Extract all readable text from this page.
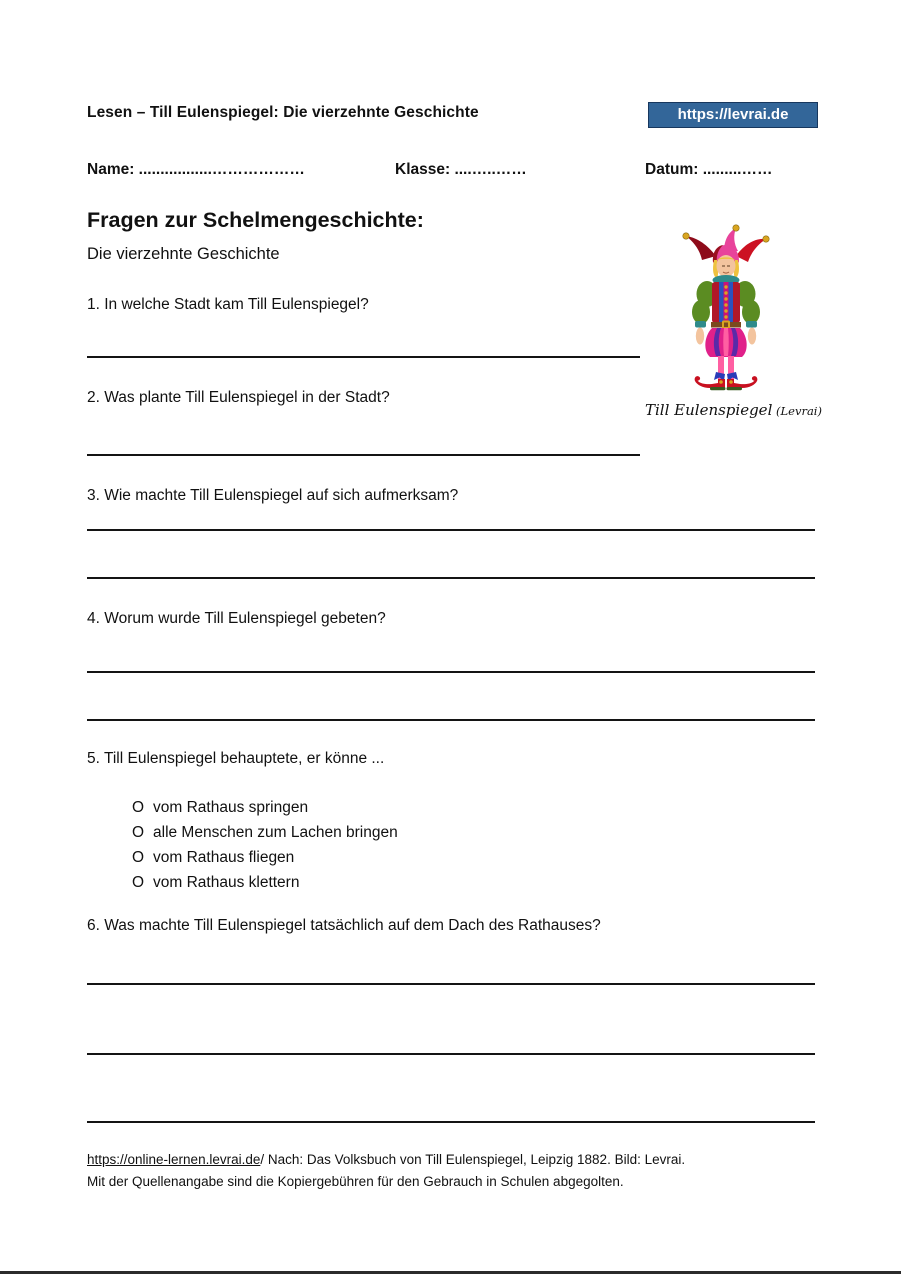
Lesen – Till Eulenspiegel: Die vierzehnte Geschichte	https://levrai.de
Name: .................………………	Klasse: ....…..……	Datum: .........……
Fragen zur Schelmengeschichte:
Die vierzehnte Geschichte
1. In welche Stadt kam Till Eulenspiegel?
2. Was plante Till Eulenspiegel in der Stadt?
3. Wie machte Till Eulenspiegel auf sich aufmerksam?
4. Worum wurde Till Eulenspiegel gebeten?
5. Till Eulenspiegel behauptete, er könne ...
O vom Rathaus springen
O alle Menschen zum Lachen bringen
O vom Rathaus fliegen
O vom Rathaus klettern
6. Was machte Till Eulenspiegel tatsächlich auf dem Dach des Rathauses?
Till Eulenspiegel (Levrai)
https://online-lernen.levrai.de/ Nach: Das Volksbuch von Till Eulenspiegel, Leipzig 1882. Bild: Levrai.
Mit der Quellenangabe sind die Kopiergebühren für den Gebrauch in Schulen abgegolten.
